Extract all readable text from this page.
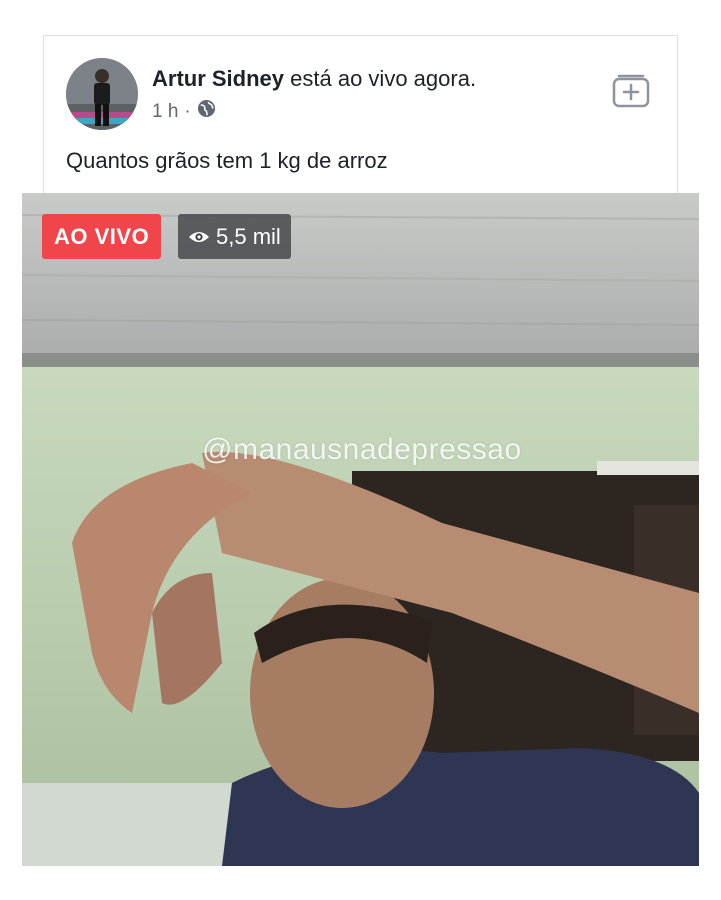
Artur Sidney está ao vivo agora.
1 h ·
Quantos grãos tem 1 kg de arroz
AO VIVO	5,5 mil
@manausnadepressao
